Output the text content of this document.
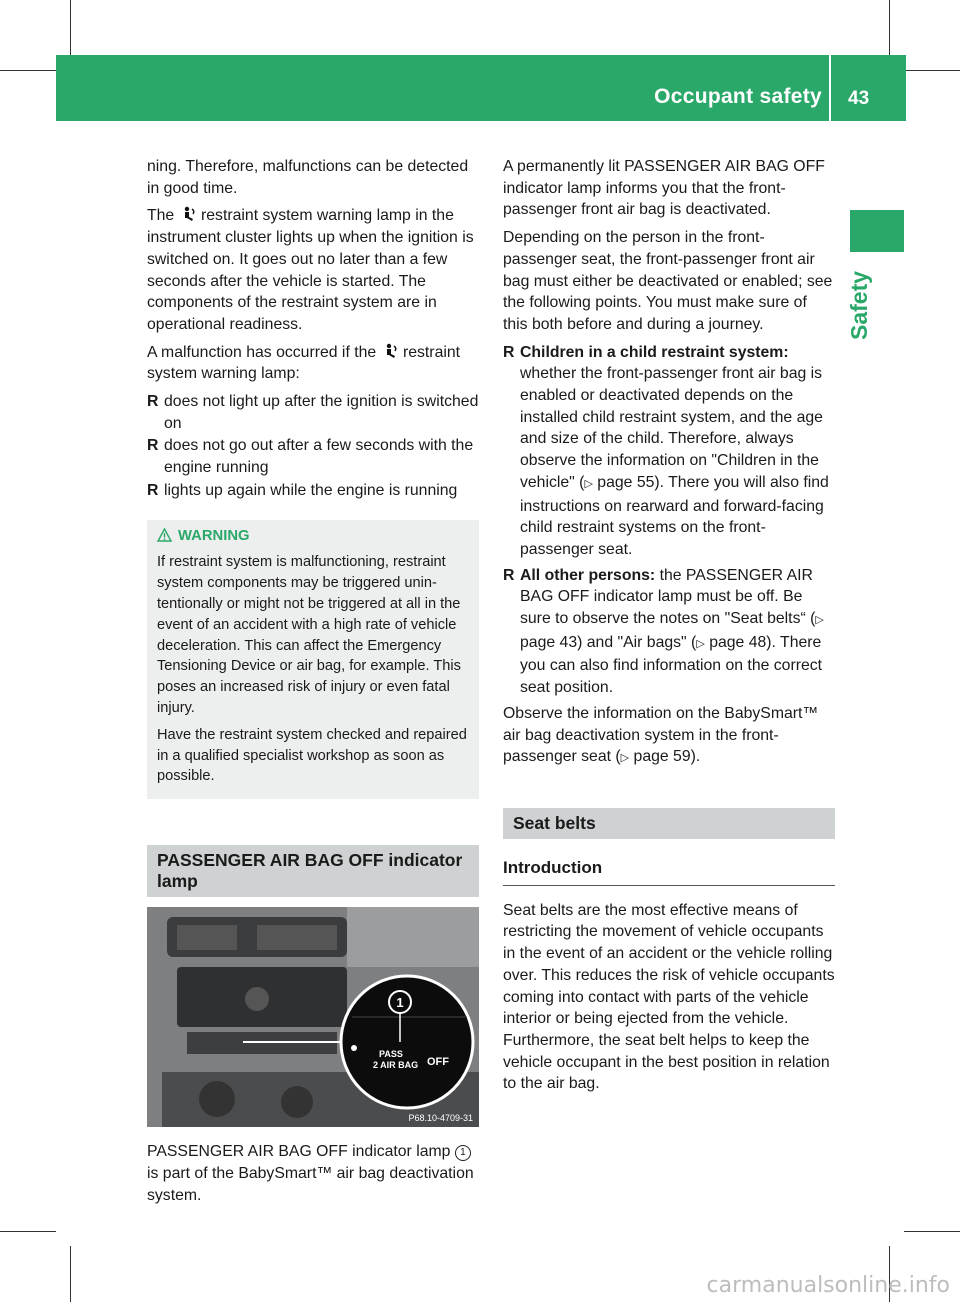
Occupant safety 43
Safety

ning. Therefore, malfunctions can be detected in good time.

The restraint system warning lamp in the instrument cluster lights up when the ignition is switched on. It goes out no later than a few seconds after the vehicle is started. The components of the restraint system are in operational readiness.

A malfunction has occurred if the restraint system warning lamp:

R does not light up after the ignition is switched on
R does not go out after a few seconds with the engine running
R lights up again while the engine is running
WARNING

If restraint system is malfunctioning, restraint system components may be triggered unintentionally or might not be triggered at all in the event of an accident with a high rate of vehicle deceleration. This can affect the Emergency Tensioning Device or air bag, for example. This poses an increased risk of injury or even fatal injury.

Have the restraint system checked and repaired in a qualified specialist workshop as soon as possible.

PASSENGER AIR BAG OFF indicator lamp
1
PASS
2 AIR BAG OFF
P68.10-4709-31

PASSENGER AIR BAG OFF indicator lamp 1 is part of the BabySmart™ air bag deactivation system.

A permanently lit PASSENGER AIR BAG OFF indicator lamp informs you that the front-passenger front air bag is deactivated.

Depending on the person in the front-passenger seat, the front-passenger front air bag must either be deactivated or enabled; see the following points. You must make sure of this both before and during a journey.

R Children in a child restraint system: whether the front-passenger front air bag is enabled or deactivated depends on the installed child restraint system, and the age and size of the child. Therefore, always observe the information on "Children in the vehicle" (▷ page 55). There you will also find instructions on rearward and forward-facing child restraint systems on the front-passenger seat.
R All other persons: the PASSENGER AIR BAG OFF indicator lamp must be off. Be sure to observe the notes on "Seat belts“ (▷ page 43) and "Air bags" (▷ page 48). There you can also find information on the correct seat position.

Observe the information on the BabySmart™ air bag deactivation system in the front-passenger seat (▷ page 59).

Seat belts
Introduction

Seat belts are the most effective means of restricting the movement of vehicle occupants in the event of an accident or the vehicle rolling over. This reduces the risk of vehicle occupants coming into contact with parts of the vehicle interior or being ejected from the vehicle. Furthermore, the seat belt helps to keep the vehicle occupant in the best position in relation to the air bag.

carmanualsonline.info
